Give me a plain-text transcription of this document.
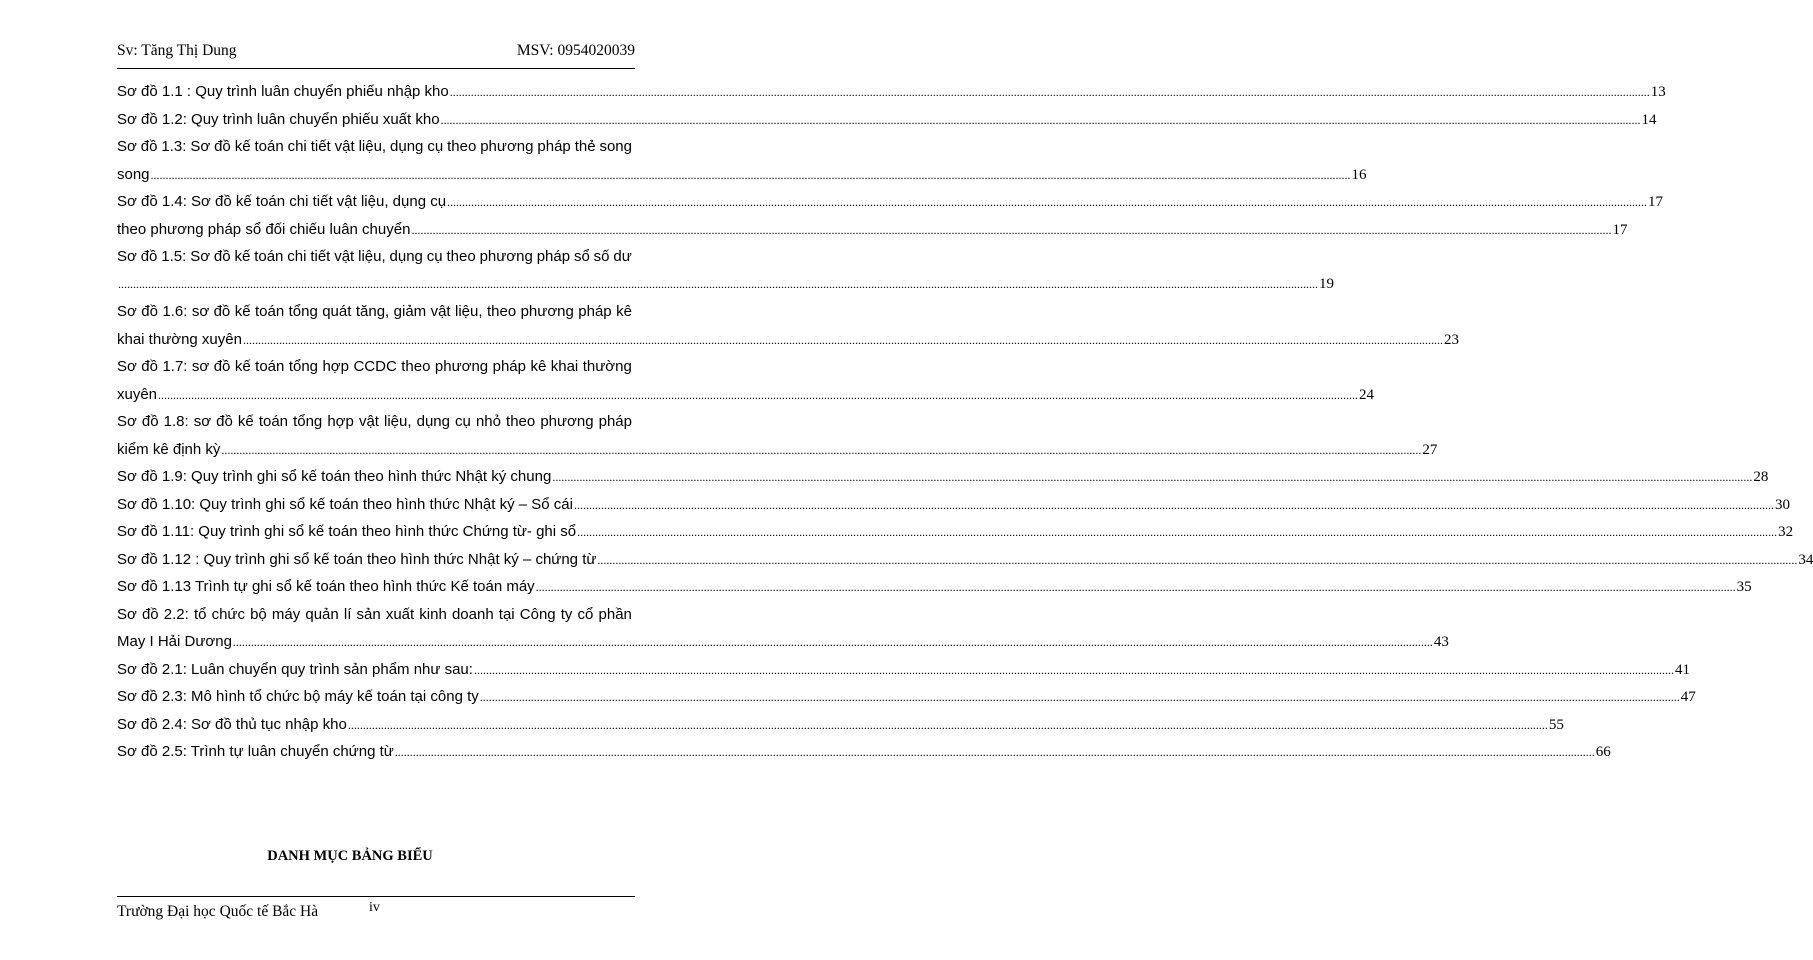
Sv: Tăng Thị Dung	MSV: 0954020039
Sơ đồ 1.1 : Quy trình luân chuyển phiếu nhập kho ................................................................................................................................................................................................................................................................................................................................................................................................................ 13
Sơ đồ 1.2: Quy trình luân chuyển phiếu xuất kho ................................................................................................................................................................................................................................................................................................................................................................................................................ 14
Sơ đồ 1.3: Sơ đồ kế toán chi tiết vật liệu, dụng cụ theo phương pháp thẻ song
song ................................................................................................................................................................................................................................................................................................................................................................................................................ 16
Sơ đồ 1.4: Sơ đồ kế toán chi tiết vật liệu, dụng cụ ................................................................................................................................................................................................................................................................................................................................................................................................................ 17
theo phương pháp sổ đối chiếu luân chuyển ................................................................................................................................................................................................................................................................................................................................................................................................................ 17
Sơ đồ 1.5: Sơ đồ kế toán chi tiết vật liệu, dụng cụ theo phương pháp sổ số dư
................................................................................................................................................................................................................................................................................................................................................................................................................ 19
Sơ đồ 1.6: sơ đồ kế toán tổng quát tăng, giảm vật liệu, theo phương pháp kê
khai thường xuyên ................................................................................................................................................................................................................................................................................................................................................................................................................ 23
Sơ đồ 1.7: sơ đồ kế toán tổng hợp CCDC theo phương pháp kê khai thường
xuyên ................................................................................................................................................................................................................................................................................................................................................................................................................ 24
Sơ đồ 1.8: sơ đồ kế toán tổng hợp vật liệu, dụng cụ nhỏ theo phương pháp
kiểm kê định kỳ ................................................................................................................................................................................................................................................................................................................................................................................................................ 27
Sơ đồ 1.9: Quy trình ghi sổ kế toán theo hình thức Nhật ký chung ................................................................................................................................................................................................................................................................................................................................................................................................................ 28
Sơ đồ 1.10: Quy trình ghi sổ kế toán theo hình thức Nhật ký – Sổ cái ................................................................................................................................................................................................................................................................................................................................................................................................................ 30
Sơ đồ 1.11: Quy trình ghi sổ kế toán theo hình thức Chứng từ- ghi sổ ................................................................................................................................................................................................................................................................................................................................................................................................................ 32
Sơ đồ 1.12 : Quy trình ghi sổ kế toán theo hình thức Nhật ký – chứng từ ................................................................................................................................................................................................................................................................................................................................................................................................................ 34
Sơ đồ 1.13 Trình tự ghi sổ kế toán theo hình thức Kế toán máy ................................................................................................................................................................................................................................................................................................................................................................................................................ 35
Sơ đồ 2.2: tổ chức bộ máy quản lí sản xuất kinh doanh tại Công ty cổ phần
May I Hải Dương ................................................................................................................................................................................................................................................................................................................................................................................................................ 43
Sơ đồ 2.1: Luân chuyển quy trình sản phẩm như sau: ................................................................................................................................................................................................................................................................................................................................................................................................................ 41
Sơ đồ 2.3: Mô hình tổ chức bộ máy kế toán tại công ty ................................................................................................................................................................................................................................................................................................................................................................................................................ 47
Sơ đồ 2.4: Sơ đồ thủ tục nhập kho ................................................................................................................................................................................................................................................................................................................................................................................................................ 55
Sơ đồ 2.5: Trình tự luân chuyển chứng từ ................................................................................................................................................................................................................................................................................................................................................................................................................ 66
DANH MỤC BẢNG BIỂU
Trường Đại học Quốc tế Bắc Hà	iv
